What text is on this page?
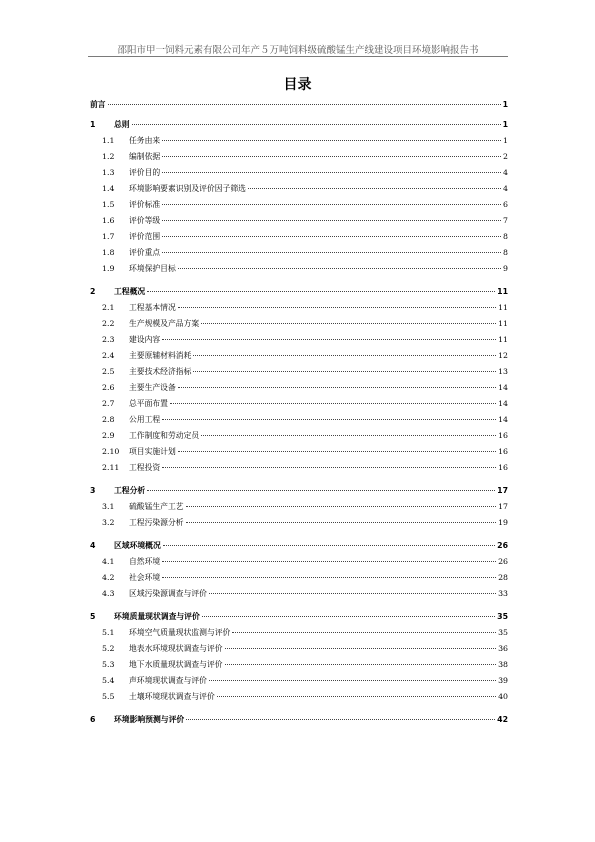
邵阳市甲一饲料元素有限公司年产５万吨饲料级硫酸锰生产线建设项目环境影响报告书
目录
前言	1
1	总则	1
1.1	任务由来	1
1.2	编制依据	2
1.3	评价目的	4
1.4	环境影响要素识别及评价因子筛选	4
1.5	评价标准	6
1.6	评价等级	7
1.7	评价范围	8
1.8	评价重点	8
1.9	环境保护目标	9
2	工程概况	11
2.1	工程基本情况	11
2.2	生产规模及产品方案	11
2.3	建设内容	11
2.4	主要原辅材料消耗	12
2.5	主要技术经济指标	13
2.6	主要生产设备	14
2.7	总平面布置	14
2.8	公用工程	14
2.9	工作制度和劳动定员	16
2.10	项目实施计划	16
2.11	工程投资	16
3	工程分析	17
3.1	硫酸锰生产工艺	17
3.2	工程污染源分析	19
4	区域环境概况	26
4.1	自然环境	26
4.2	社会环境	28
4.3	区域污染源调查与评价	33
5	环境质量现状调查与评价	35
5.1	环境空气质量现状监测与评价	35
5.2	地表水环境现状调查与评价	36
5.3	地下水质量现状调查与评价	38
5.4	声环境现状调查与评价	39
5.5	土壤环境现状调查与评价	40
6	环境影响预测与评价	42
